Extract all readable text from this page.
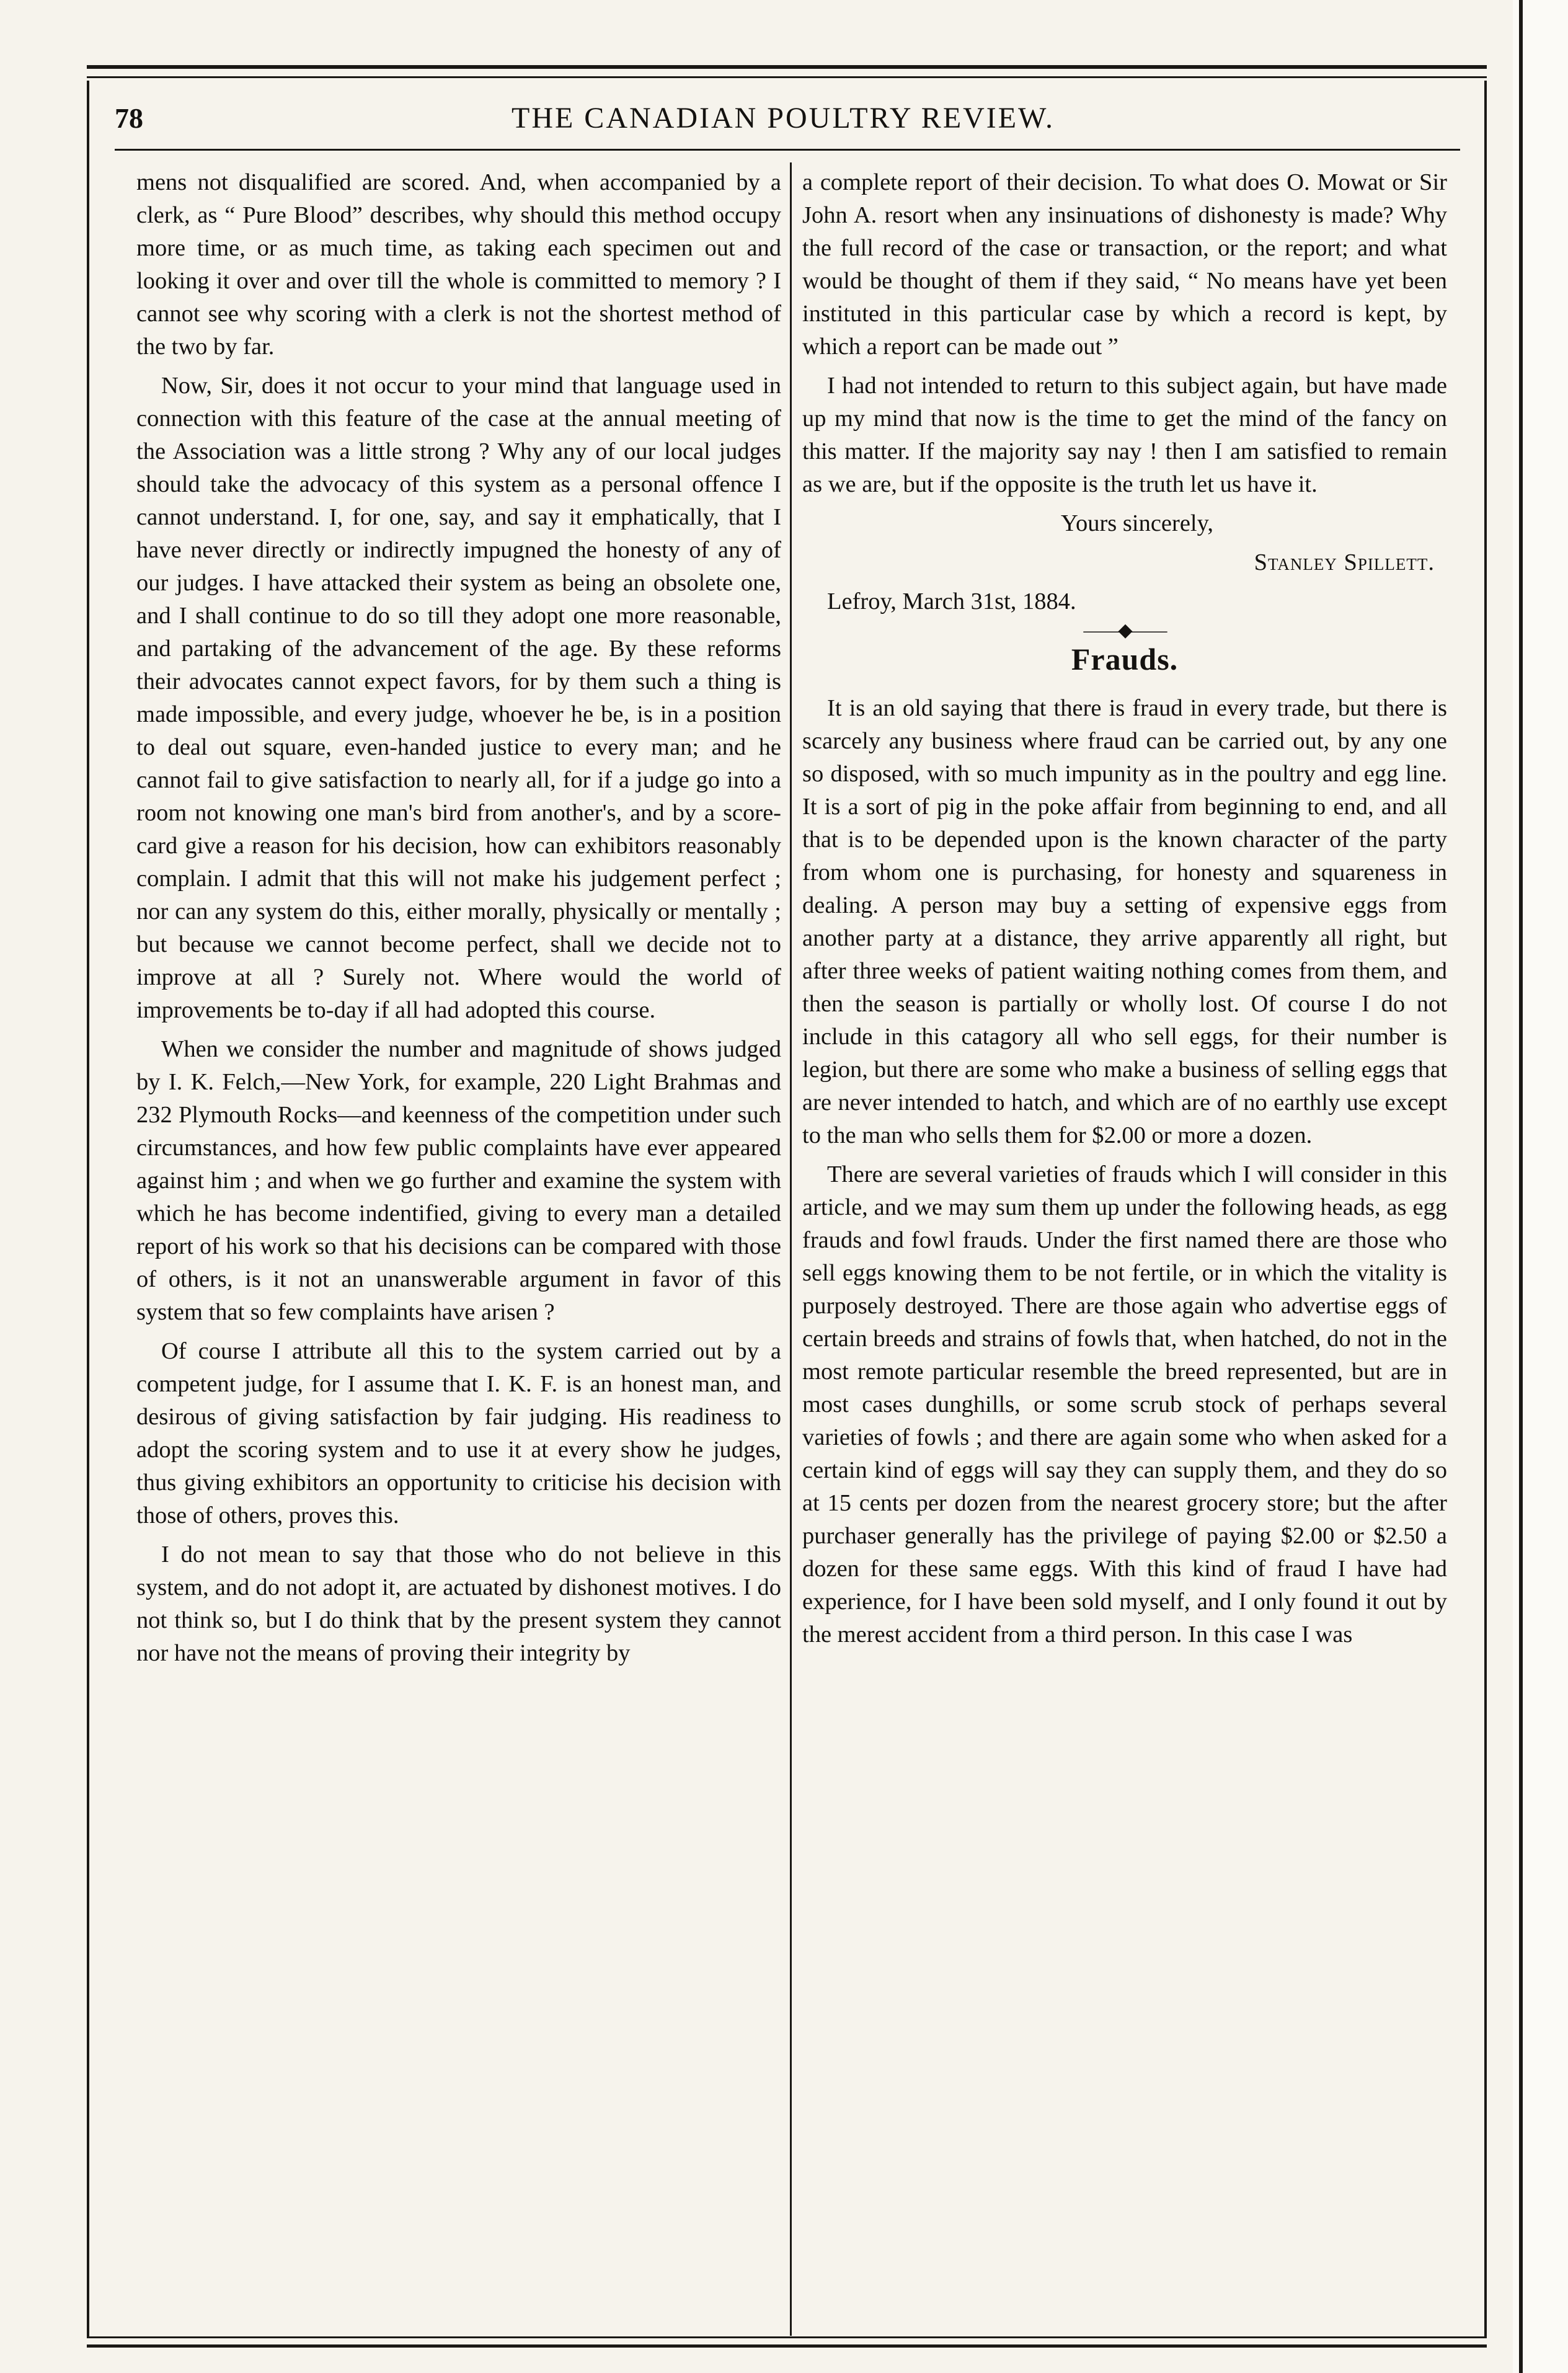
78	THE CANADIAN POULTRY REVIEW.

mens not disqualified are scored. And, when accompanied by a clerk, as “ Pure Blood” describes, why should this method occupy more time, or as much time, as taking each specimen out and looking it over and over till the whole is committed to memory ? I cannot see why scoring with a clerk is not the shortest method of the two by far.

Now, Sir, does it not occur to your mind that language used in connection with this feature of the case at the annual meeting of the Association was a little strong ? Why any of our local judges should take the advocacy of this system as a personal offence I cannot understand. I, for one, say, and say it emphatically, that I have never directly or indirectly impugned the honesty of any of our judges. I have attacked their system as being an obsolete one, and I shall continue to do so till they adopt one more reasonable, and partaking of the advancement of the age. By these reforms their advocates cannot expect favors, for by them such a thing is made impossible, and every judge, whoever he be, is in a position to deal out square, even-handed justice to every man; and he cannot fail to give satisfaction to nearly all, for if a judge go into a room not knowing one man's bird from another's, and by a score-card give a reason for his decision, how can exhibitors reasonably complain. I admit that this will not make his judgement perfect ; nor can any system do this, either morally, physically or mentally ; but because we cannot become perfect, shall we decide not to improve at all ? Surely not. Where would the world of improvements be to-day if all had adopted this course.

When we consider the number and magnitude of shows judged by I. K. Felch,—New York, for example, 220 Light Brahmas and 232 Plymouth Rocks—and keenness of the competition under such circumstances, and how few public complaints have ever appeared against him ; and when we go further and examine the system with which he has become indentified, giving to every man a detailed report of his work so that his decisions can be compared with those of others, is it not an unanswerable argument in favor of this system that so few complaints have arisen ?

Of course I attribute all this to the system carried out by a competent judge, for I assume that I. K. F. is an honest man, and desirous of giving satisfaction by fair judging. His readiness to adopt the scoring system and to use it at every show he judges, thus giving exhibitors an opportunity to criticise his decision with those of others, proves this.

I do not mean to say that those who do not believe in this system, and do not adopt it, are actuated by dishonest motives. I do not think so, but I do think that by the present system they cannot nor have not the means of proving their integrity by

a complete report of their decision. To what does O. Mowat or Sir John A. resort when any insinuations of dishonesty is made? Why the full record of the case or transaction, or the report; and what would be thought of them if they said, “ No means have yet been instituted in this particular case by which a record is kept, by which a report can be made out ”

I had not intended to return to this subject again, but have made up my mind that now is the time to get the mind of the fancy on this matter. If the majority say nay ! then I am satisfied to remain as we are, but if the opposite is the truth let us have it.

Yours sincerely,

Stanley Spillett.

Lefroy, March 31st, 1884.

——◆——
Frauds.

It is an old saying that there is fraud in every trade, but there is scarcely any business where fraud can be carried out, by any one so disposed, with so much impunity as in the poultry and egg line. It is a sort of pig in the poke affair from beginning to end, and all that is to be depended upon is the known character of the party from whom one is purchasing, for honesty and squareness in dealing. A person may buy a setting of expensive eggs from another party at a distance, they arrive apparently all right, but after three weeks of patient waiting nothing comes from them, and then the season is partially or wholly lost. Of course I do not include in this catagory all who sell eggs, for their number is legion, but there are some who make a business of selling eggs that are never intended to hatch, and which are of no earthly use except to the man who sells them for $2.00 or more a dozen.

There are several varieties of frauds which I will consider in this article, and we may sum them up under the following heads, as egg frauds and fowl frauds. Under the first named there are those who sell eggs knowing them to be not fertile, or in which the vitality is purposely destroyed. There are those again who advertise eggs of certain breeds and strains of fowls that, when hatched, do not in the most remote particular resemble the breed represented, but are in most cases dunghills, or some scrub stock of perhaps several varieties of fowls ; and there are again some who when asked for a certain kind of eggs will say they can supply them, and they do so at 15 cents per dozen from the nearest grocery store; but the after purchaser generally has the privilege of paying $2.00 or $2.50 a dozen for these same eggs. With this kind of fraud I have had experience, for I have been sold myself, and I only found it out by the merest accident from a third person. In this case I was
